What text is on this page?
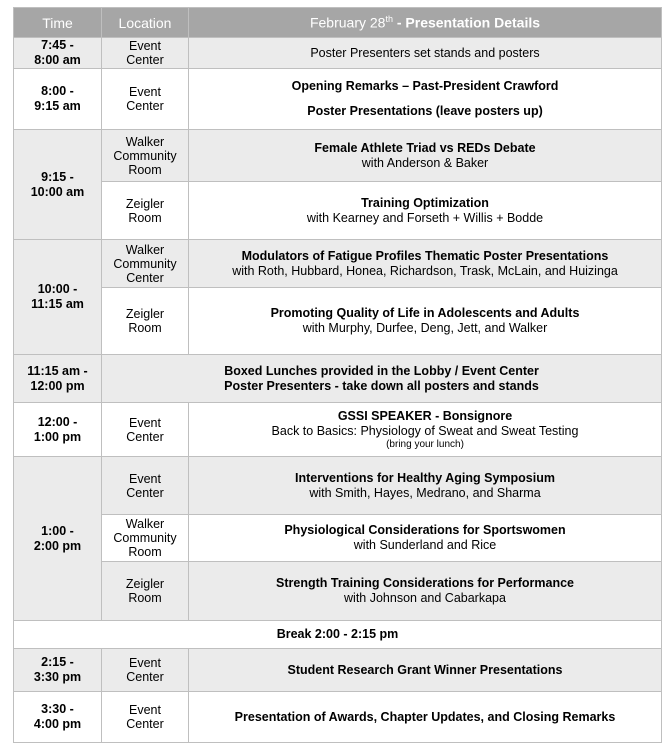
Time	Location	February 28th - Presentation Details

7:45 -
8:00 am	Event
Center	Poster Presenters set stands and posters

8:00 -
9:15 am	Event
Center	Opening Remarks – Past-President Crawford
Poster Presentations (leave posters up)

9:15 -
10:00 am	Walker
Community
Room	Female Athlete Triad vs REDs Debate
with Anderson & Baker

	Zeigler
Room	Training Optimization
with Kearney and Forseth + Willis + Bodde

10:00 -
11:15 am	Walker
Community
Center	Modulators of Fatigue Profiles Thematic Poster Presentations
with Roth, Hubbard, Honea, Richardson, Trask, McLain, and Huizinga

	Zeigler
Room	Promoting Quality of Life in Adolescents and Adults
with Murphy, Durfee, Deng, Jett, and Walker

11:15 am -
12:00 pm	Boxed Lunches provided in the Lobby / Event Center
Poster Presenters - take down all posters and stands	

12:00 -
1:00 pm	Event
Center	GSSI SPEAKER - Bonsignore
Back to Basics: Physiology of Sweat and Sweat Testing
(bring your lunch)

1:00 -
2:00 pm	Event
Center	Interventions for Healthy Aging Symposium
with Smith, Hayes, Medrano, and Sharma

	Walker
Community
Room	Physiological Considerations for Sportswomen
with Sunderland and Rice

	Zeigler
Room	Strength Training Considerations for Performance
with Johnson and Cabarkapa

Break 2:00 - 2:15 pm		

2:15 -
3:30 pm	Event
Center	Student Research Grant Winner Presentations

3:30 -
4:00 pm	Event
Center	Presentation of Awards, Chapter Updates, and Closing Remarks
